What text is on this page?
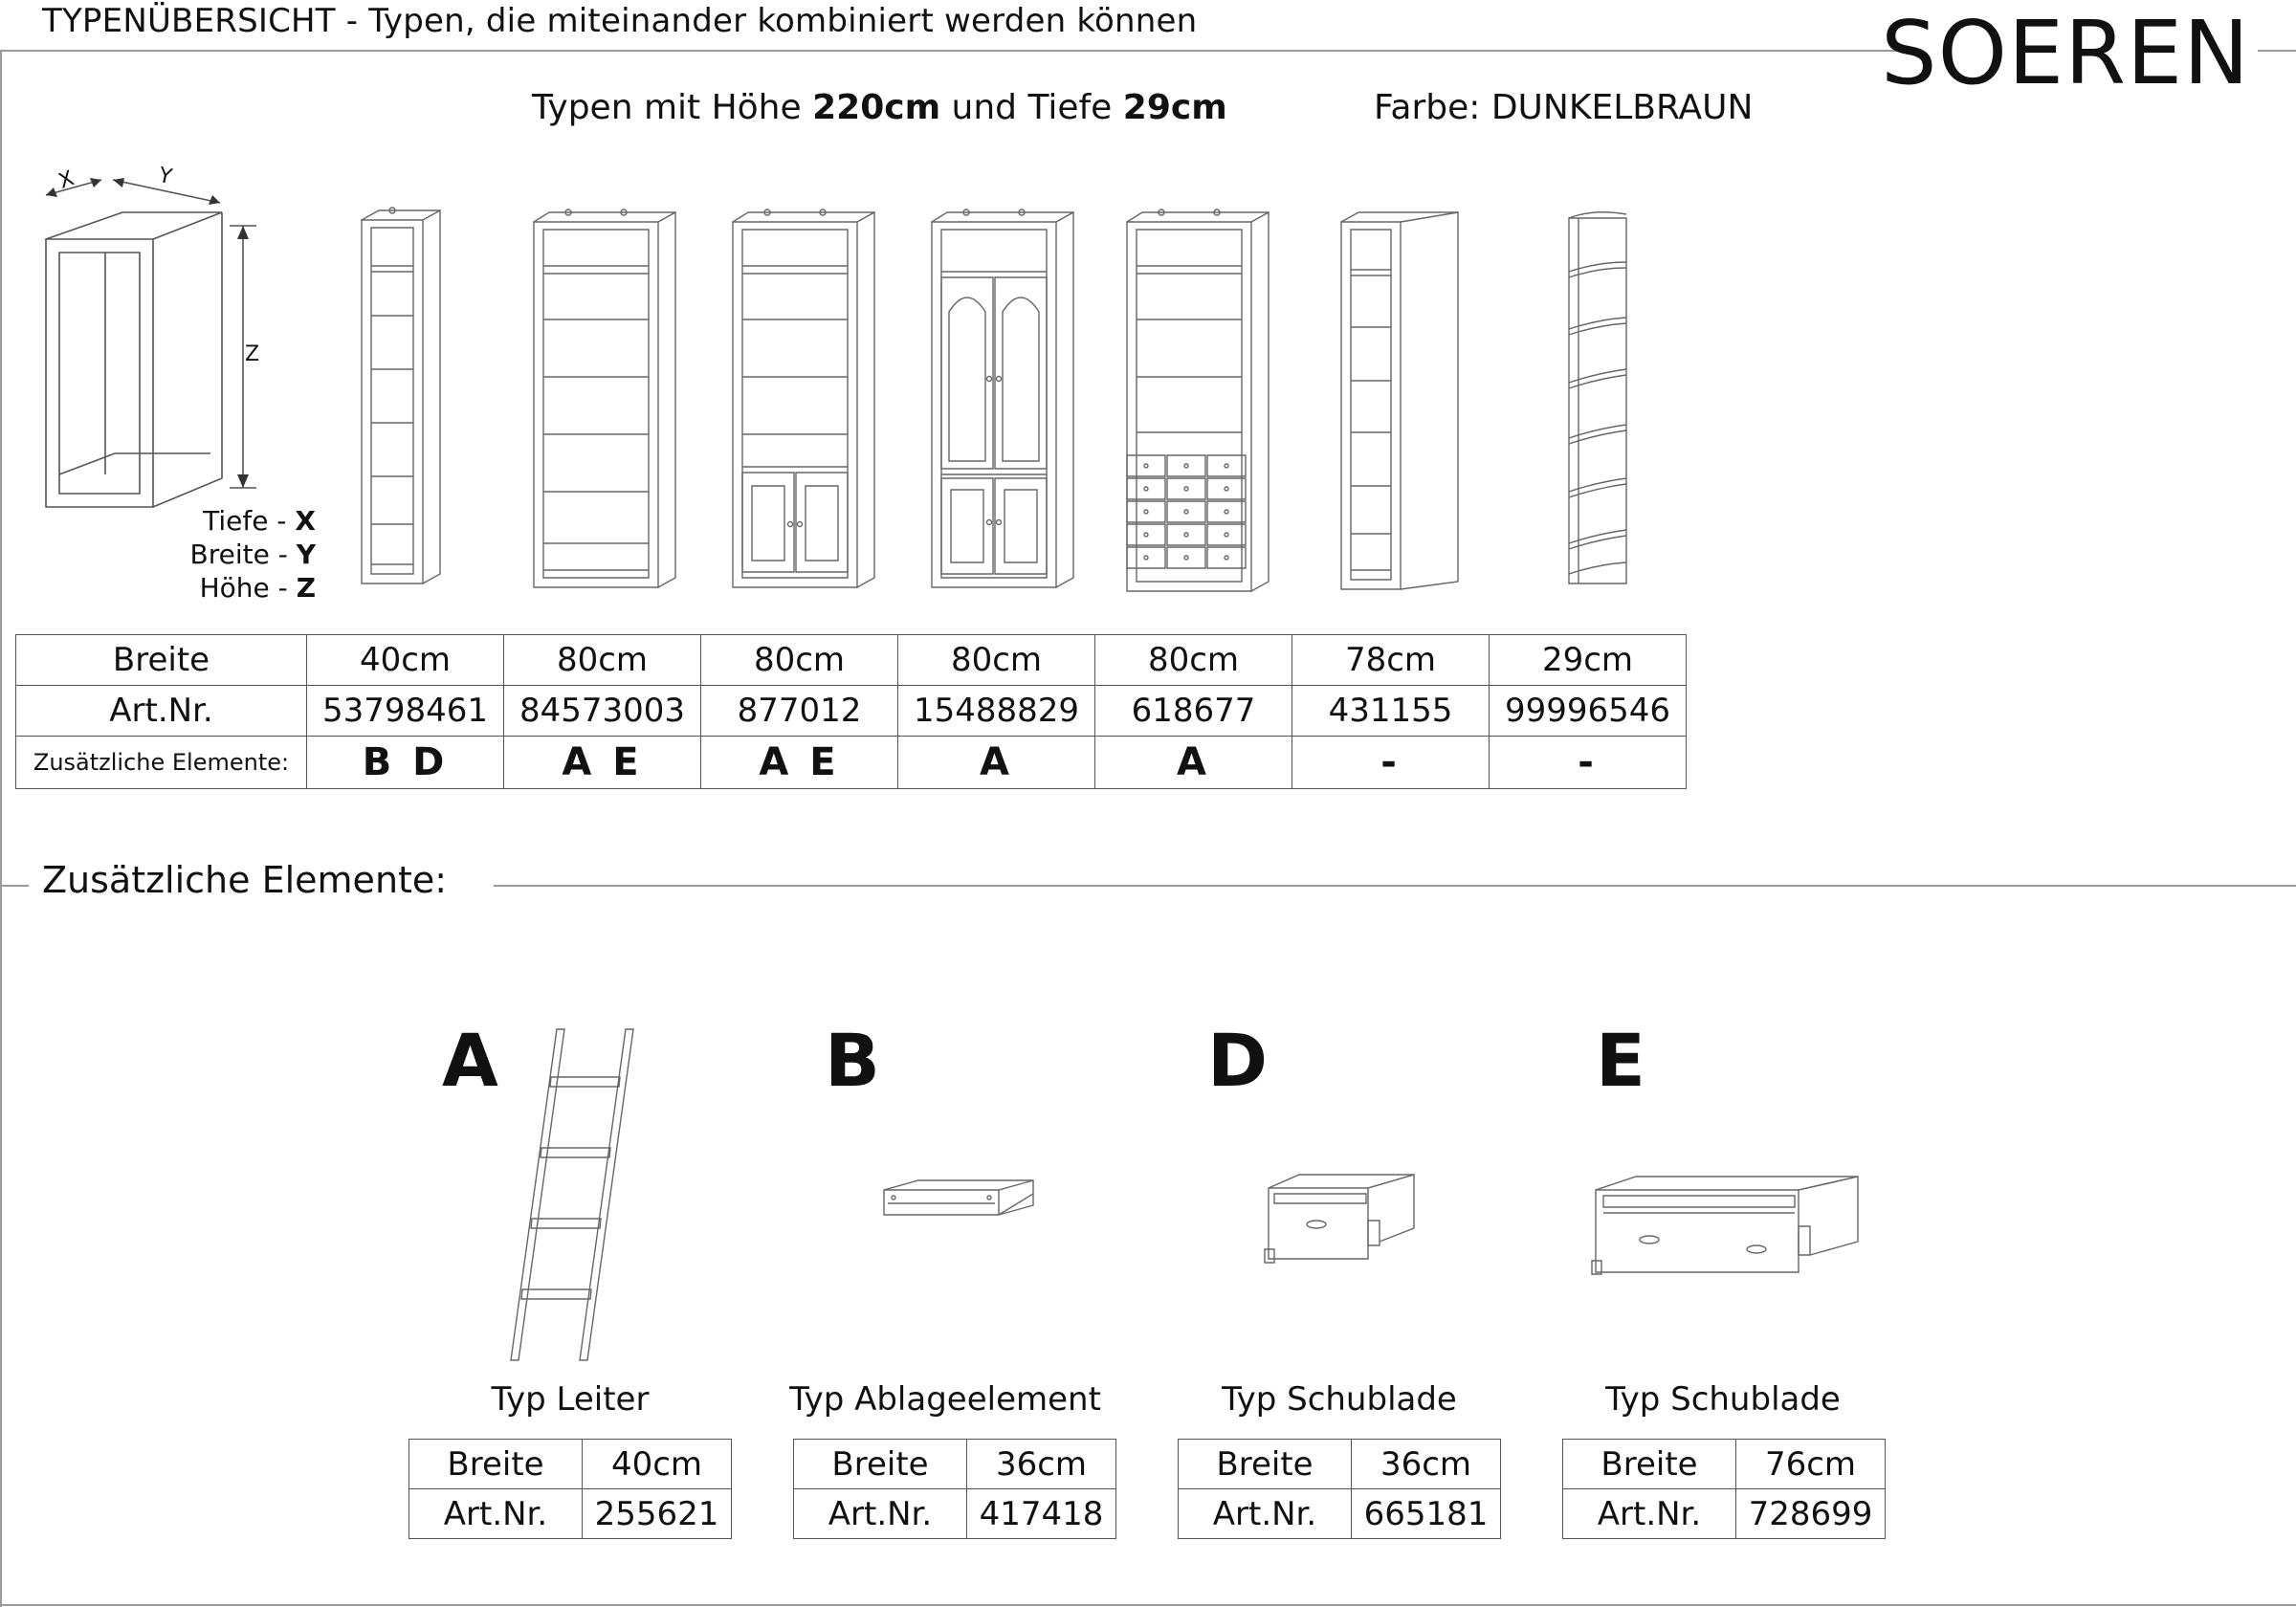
TYPENÜBERSICHT - Typen, die miteinander kombiniert werden können	SOEREN
Typen mit Höhe 220cm und Tiefe 29cm	Farbe: DUNKELBRAUN
X	Y
Z
Tiefe - X
Breite - Y
Höhe - Z
Breite	40cm	80cm	80cm	80cm	80cm	78cm	29cm
Art.Nr.	53798461	84573003	877012	15488829	618677	431155	99996546
Zusätzliche Elemente:	B D	A E	A E	A	A	-	-
Zusätzliche Elemente:
A	B	D	E
Typ Leiter	Typ Ablageelement	Typ Schublade	Typ Schublade
Breite	40cm
Art.Nr.	255621
Breite	36cm
Art.Nr.	417418
Breite	36cm
Art.Nr.	665181
Breite	76cm
Art.Nr.	728699
